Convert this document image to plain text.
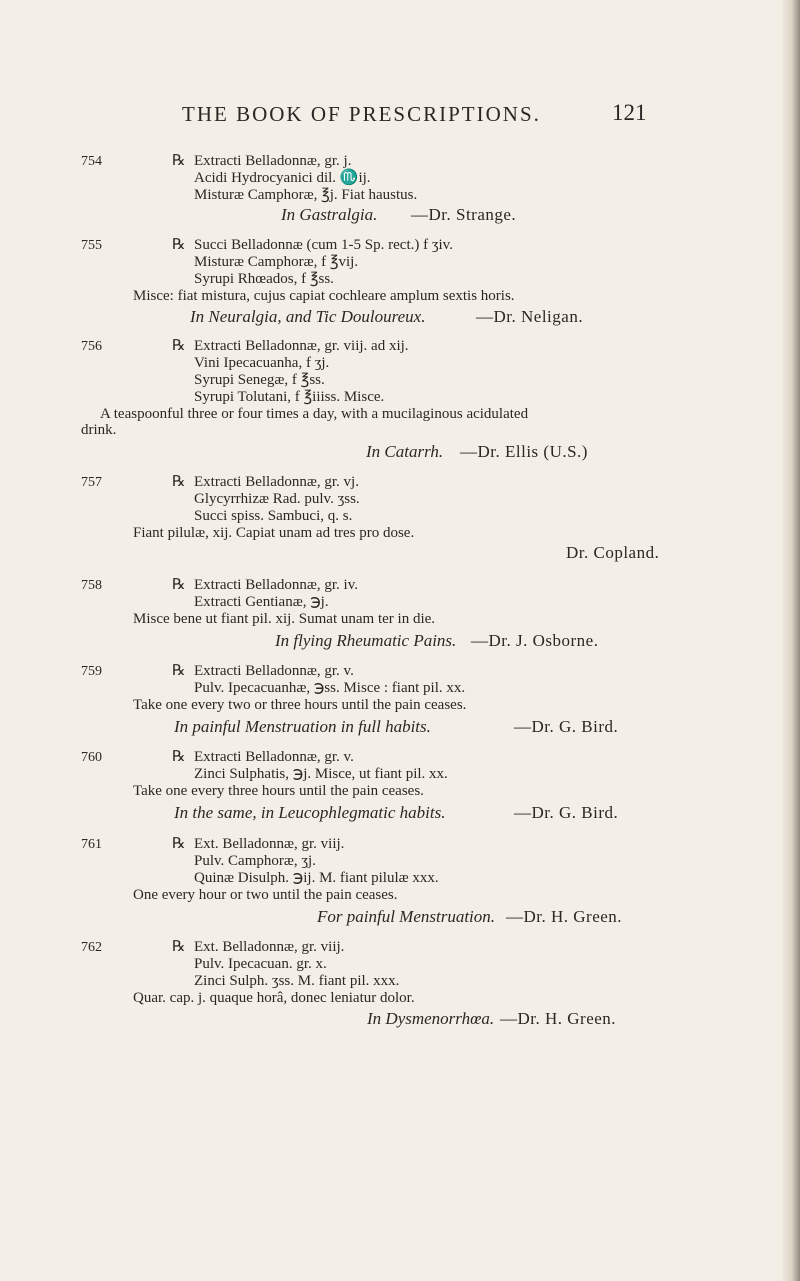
THE BOOK OF PRESCRIPTIONS.	121
754	℞ Extracti Belladonnæ, gr. j.
Acidi Hydrocyanici dil. ♏ij.
Misturæ Camphoræ, ℥j. Fiat haustus.
In Gastralgia. —Dr. Strange.
755	℞ Succi Belladonnæ (cum 1-5 Sp. rect.) f ʒiv.
Misturæ Camphoræ, f ℥vij.
Syrupi Rhœados, f ℥ss.
Misce: fiat mistura, cujus capiat cochleare amplum sextis horis.
In Neuralgia, and Tic Douloureux.	—Dr. Neligan.
756	℞ Extracti Belladonnæ, gr. viij. ad xij.
Vini Ipecacuanha, f ʒj.
Syrupi Senegæ, f ℥ss.
Syrupi Tolutani, f ℥iiiss. Misce.
A teaspoonful three or four times a day, with a mucilaginous acidulated
drink.
In Catarrh. —Dr. Ellis (U.S.)
757	℞ Extracti Belladonnæ, gr. vj.
Glycyrrhizæ Rad. pulv. ʒss.
Succi spiss. Sambuci, q. s.
Fiant pilulæ, xij. Capiat unam ad tres pro dose.
Dr. Copland.
758	℞ Extracti Belladonnæ, gr. iv.
Extracti Gentianæ, ℈j.
Misce bene ut fiant pil. xij. Sumat unam ter in die.
In flying Rheumatic Pains. —Dr. J. Osborne.
759	℞ Extracti Belladonnæ, gr. v.
Pulv. Ipecacuanhæ, ℈ss. Misce : fiant pil. xx.
Take one every two or three hours until the pain ceases.
In painful Menstruation in full habits.	—Dr. G. Bird.
760	℞ Extracti Belladonnæ, gr. v.
Zinci Sulphatis, ℈j. Misce, ut fiant pil. xx.
Take one every three hours until the pain ceases.
In the same, in Leucophlegmatic habits.	—Dr. G. Bird.
761	℞ Ext. Belladonnæ, gr. viij.
Pulv. Camphoræ, ʒj.
Quinæ Disulph. ℈ij. M. fiant pilulæ xxx.
One every hour or two until the pain ceases.
For painful Menstruation. —Dr. H. Green.
762	℞ Ext. Belladonnæ, gr. viij.
Pulv. Ipecacuan. gr. x.
Zinci Sulph. ʒss. M. fiant pil. xxx.
Quar. cap. j. quaque horâ, donec leniatur dolor.
In Dysmenorrhœa. —Dr. H. Green.
